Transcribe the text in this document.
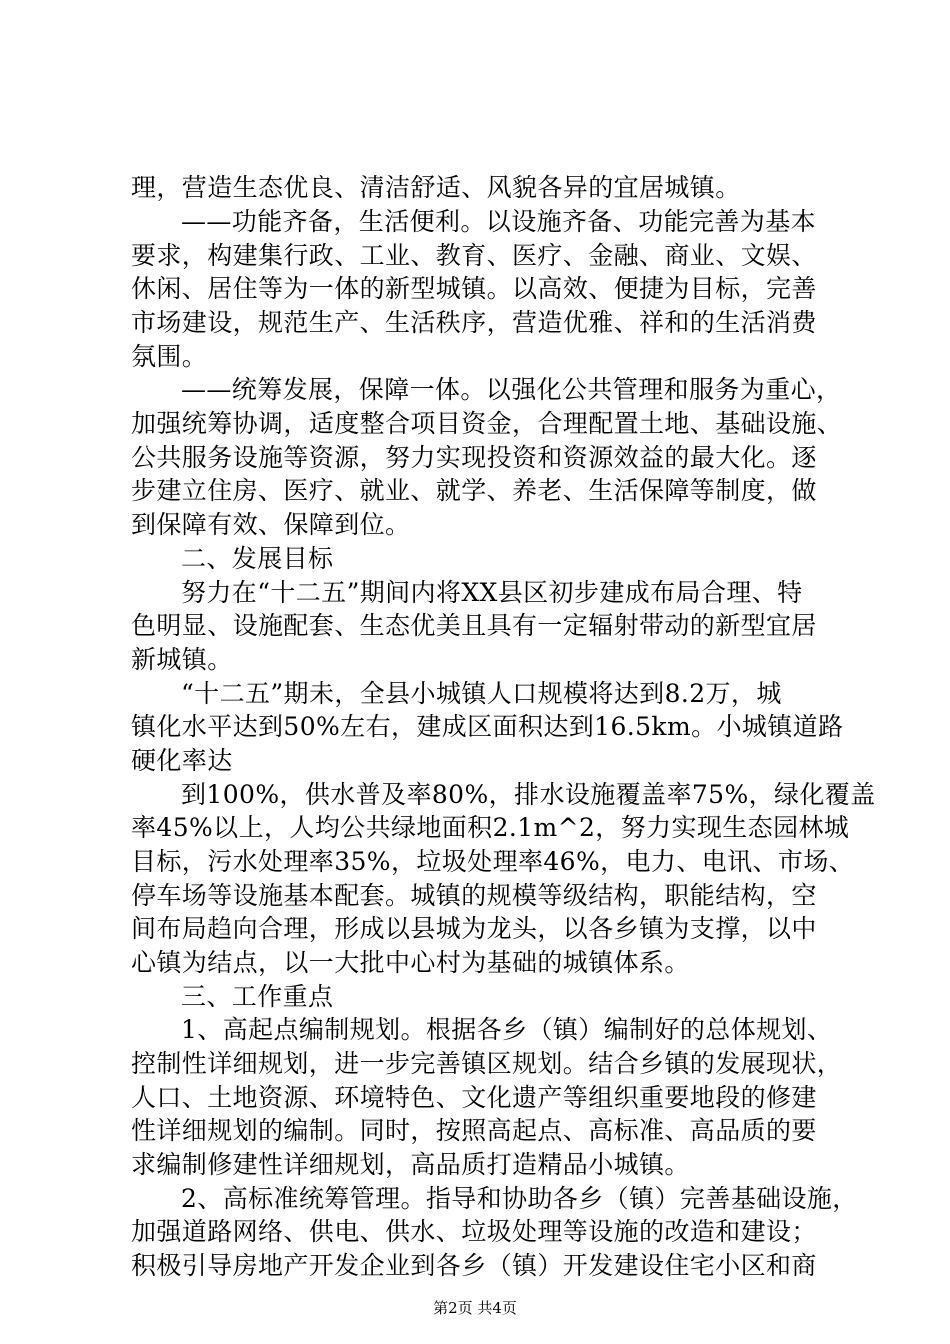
理，营造生态优良、清洁舒适、风貌各异的宜居城镇。
——功能齐备，生活便利。以设施齐备、功能完善为基本
要求，构建集行政、工业、教育、医疗、金融、商业、文娱、
休闲、居住等为一体的新型城镇。以高效、便捷为目标，完善
市场建设，规范生产、生活秩序，营造优雅、祥和的生活消费
氛围。
——统筹发展，保障一体。以强化公共管理和服务为重心，
加强统筹协调，适度整合项目资金，合理配置土地、基础设施、
公共服务设施等资源，努力实现投资和资源效益的最大化。逐
步建立住房、医疗、就业、就学、养老、生活保障等制度，做
到保障有效、保障到位。
二、发展目标
努力在“十二五”期间内将XX县区初步建成布局合理、特
色明显、设施配套、生态优美且具有一定辐射带动的新型宜居
新城镇。
“十二五”期未，全县小城镇人口规模将达到8.2万，城
镇化水平达到50%左右，建成区面积达到16.5km。小城镇道路
硬化率达
到100%，供水普及率80%，排水设施覆盖率75%，绿化覆盖
率45%以上，人均公共绿地面积2.1m^2，努力实现生态园林城
目标，污水处理率35%，垃圾处理率46%，电力、电讯、市场、
停车场等设施基本配套。城镇的规模等级结构，职能结构，空
间布局趋向合理，形成以县城为龙头，以各乡镇为支撑，以中
心镇为结点，以一大批中心村为基础的城镇体系。
三、工作重点
1、高起点编制规划。根据各乡（镇）编制好的总体规划、
控制性详细规划，进一步完善镇区规划。结合乡镇的发展现状，
人口、土地资源、环境特色、文化遗产等组织重要地段的修建
性详细规划的编制。同时，按照高起点、高标准、高品质的要
求编制修建性详细规划，高品质打造精品小城镇。
2、高标准统筹管理。指导和协助各乡（镇）完善基础设施，
加强道路网络、供电、供水、垃圾处理等设施的改造和建设；
积极引导房地产开发企业到各乡（镇）开发建设住宅小区和商
第2页 共4页
